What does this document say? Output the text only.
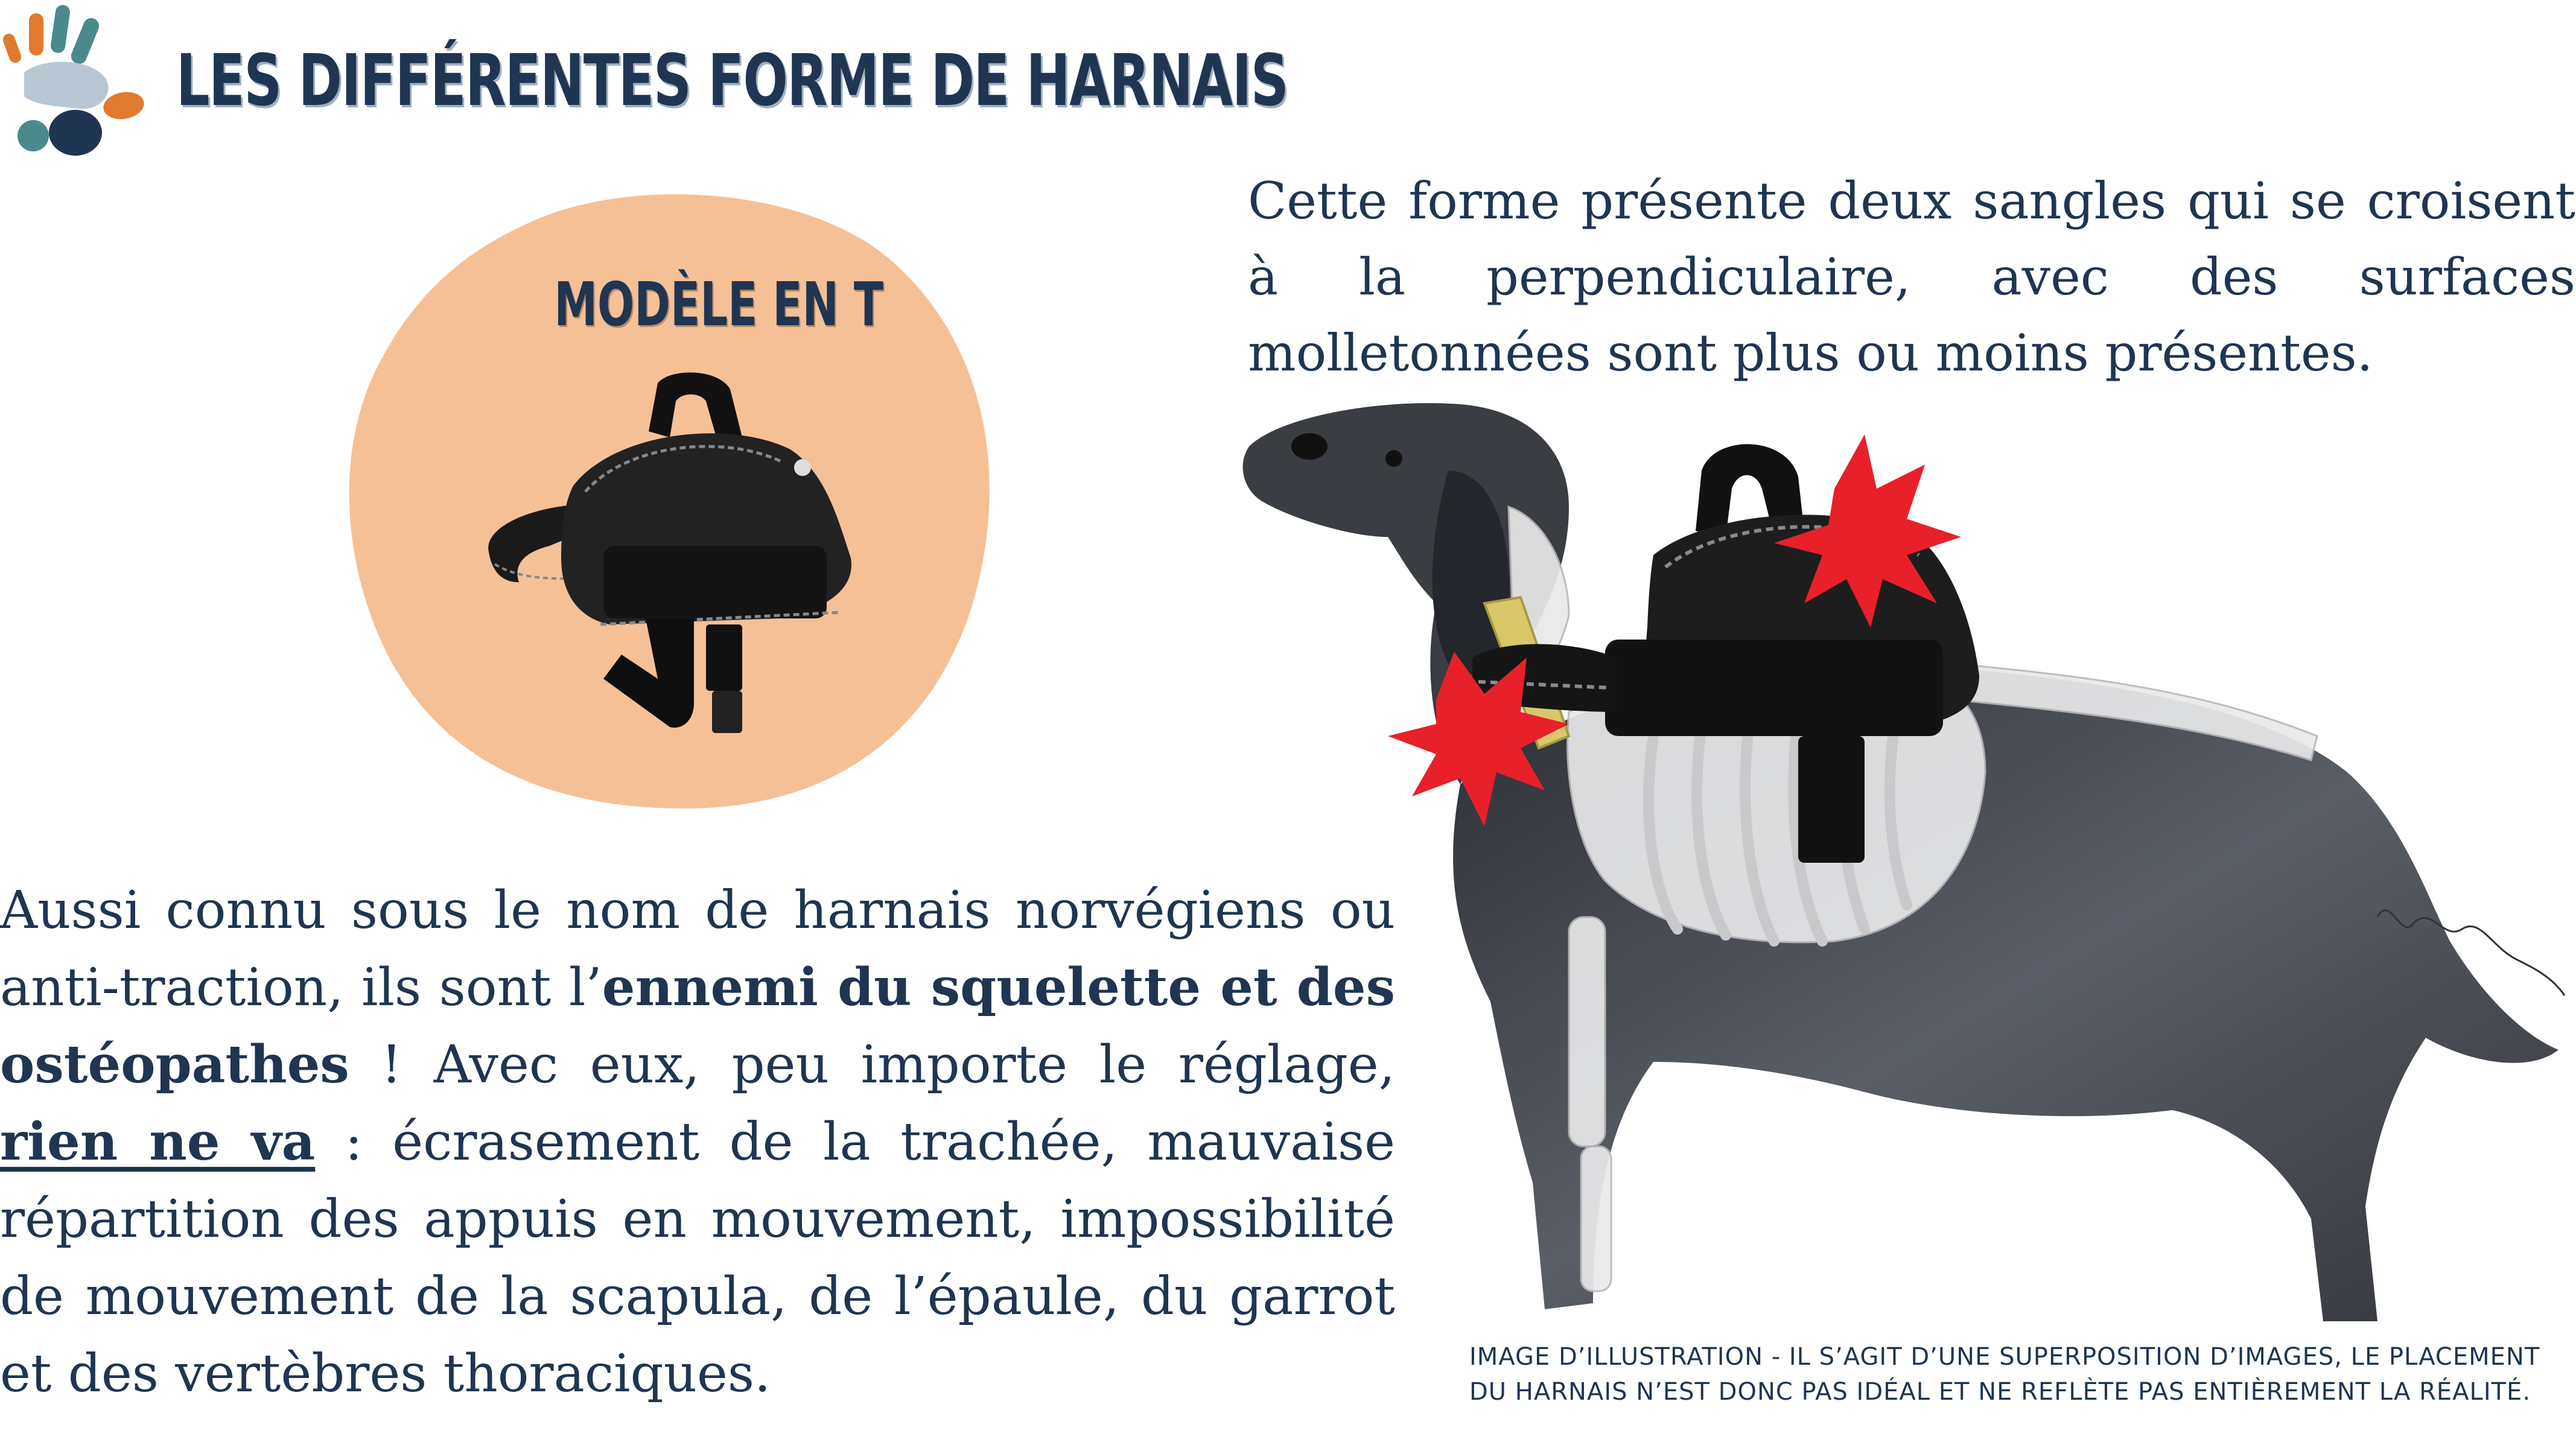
LES DIFFÉRENTES FORME DE HARNAIS
MODÈLE EN T

Cette forme présente deux sangles qui se croisent à la perpendiculaire, avec des surfaces molletonnées sont plus ou moins présentes.

Aussi connu sous le nom de harnais norvégiens ou anti-traction, ils sont l’ennemi du squelette et des ostéopathes ! Avec eux, peu importe le réglage, rien ne va : écrasement de la trachée, mauvaise répartition des appuis en mouvement, impossibilité de mouvement de la scapula, de l’épaule, du garrot et des vertèbres thoraciques.	IMAGE D’ILLUSTRATION - IL S’AGIT D’UNE SUPERPOSITION D’IMAGES, LE PLACEMENT DU HARNAIS N’EST DONC PAS IDÉAL ET NE REFLÈTE PAS ENTIÈREMENT LA RÉALITÉ.
